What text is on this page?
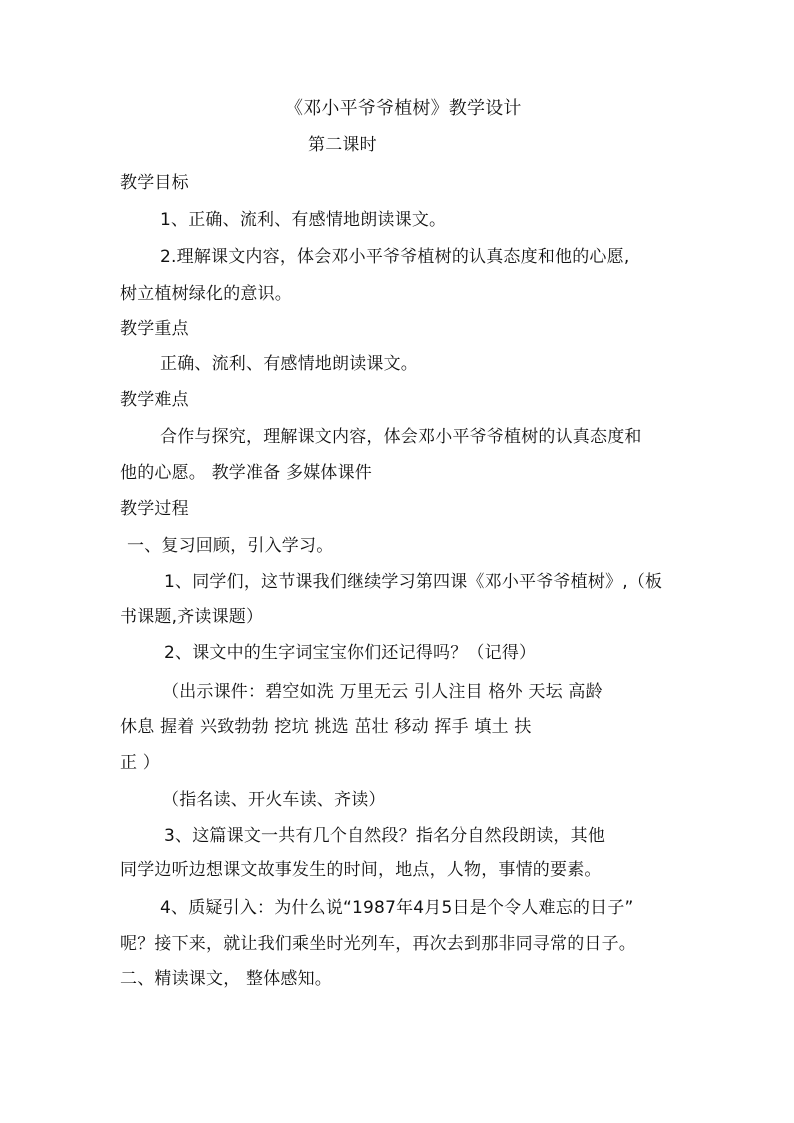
《邓小平爷爷植树》教学设计
第二课时
教学目标
1、正确、流利、有感情地朗读课文。
2.理解课文内容，体会邓小平爷爷植树的认真态度和他的心愿,
树立植树绿化的意识。
教学重点
正确、流利、有感情地朗读课文。
教学难点
合作与探究，理解课文内容，体会邓小平爷爷植树的认真态度和
他的心愿。 教学准备 多媒体课件
教学过程
一、复习回顾，引入学习。
1、同学们，这节课我们继续学习第四课《邓小平爷爷植树》,（板
书课题,齐读课题）
2、课文中的生字词宝宝你们还记得吗？（记得）
（出示课件：碧空如洗 万里无云 引人注目 格外 天坛 高龄
休息 握着 兴致勃勃 挖坑 挑选 茁壮 移动 挥手 填土 扶
正 ）
（指名读、开火车读、齐读）
3、这篇课文一共有几个自然段？指名分自然段朗读，其他
同学边听边想课文故事发生的时间，地点，人物，事情的要素。
4、质疑引入：为什么说“1987年4月5日是个令人难忘的日子”
呢？接下来，就让我们乘坐时光列车，再次去到那非同寻常的日子。
二、精读课文， 整体感知。
